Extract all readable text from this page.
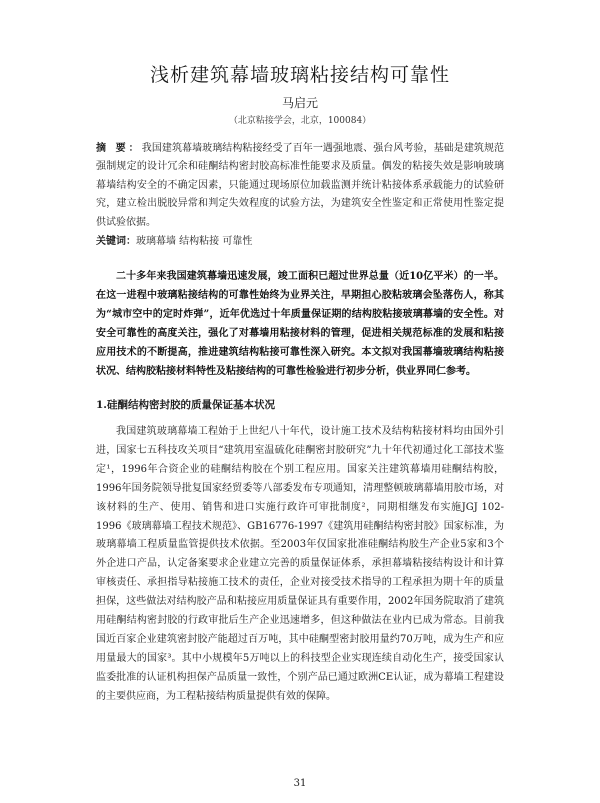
浅析建筑幕墙玻璃粘接结构可靠性
马启元
（北京粘接学会，北京，100084）
摘 要：我国建筑幕墙玻璃结构粘接经受了百年一遇强地震、强台风考验，基础是建筑规范强制规定的设计冗余和硅酮结构密封胶高标准性能要求及质量。偶发的粘接失效是影响玻璃幕墙结构安全的不确定因素，只能通过现场原位加载监测并统计粘接体系承载能力的试验研究，建立检出脱胶异常和判定失效程度的试验方法，为建筑安全性鉴定和正常使用性鉴定提供试验依据。
关键词：玻璃幕墙 结构粘接 可靠性
二十多年来我国建筑幕墙迅速发展，竣工面积已超过世界总量（近10亿平米）的一半。在这一进程中玻璃粘接结构的可靠性始终为业界关注，早期担心胶粘玻璃会坠落伤人，称其为“城市空中的定时炸弹”，近年优选过十年质量保证期的结构胶粘接玻璃幕墙的安全性。对安全可靠性的高度关注，强化了对幕墙用粘接材料的管理，促进相关规范标准的发展和粘接应用技术的不断提高，推进建筑结构粘接可靠性深入研究。本文拟对我国幕墙玻璃结构粘接状况、结构胶粘接材料特性及粘接结构的可靠性检验进行初步分析，供业界同仁参考。
1.硅酮结构密封胶的质量保证基本状况
我国建筑玻璃幕墙工程始于上世纪八十年代，设计施工技术及结构粘接材料均由国外引进，国家七五科技攻关项目“建筑用室温硫化硅酮密封胶研究”九十年代初通过化工部技术鉴定¹，1996年合资企业的硅酮结构胶在个别工程应用。国家关注建筑幕墙用硅酮结构胶，1996年国务院领导批复国家经贸委等八部委发布专项通知，清理整顿玻璃幕墙用胶市场，对该材料的生产、使用、销售和进口实施行政许可审批制度²，同期相继发布实施JGJ 102-1996《玻璃幕墙工程技术规范》、GB16776-1997《建筑用硅酮结构密封胶》国家标准，为玻璃幕墙工程质量监管提供技术依据。至2003年仅国家批准硅酮结构胶生产企业5家和3个外企进口产品，认定备案要求企业建立完善的质量保证体系，承担幕墙粘接结构设计和计算审核责任、承担指导粘接施工技术的责任，企业对接受技术指导的工程承担为期十年的质量担保，这些做法对结构胶产品和粘接应用质量保证具有重要作用，2002年国务院取消了建筑用硅酮结构密封胶的行政审批后生产企业迅速增多，但这种做法在业内已成为常态。目前我国近百家企业建筑密封胶产能超过百万吨，其中硅酮型密封胶用量约70万吨，成为生产和应用量最大的国家³。其中小规模年5万吨以上的科技型企业实现连续自动化生产，接受国家认监委批准的认证机构担保产品质量一致性，个别产品已通过欧洲CE认证，成为幕墙工程建设的主要供应商，为工程粘接结构质量提供有效的保障。
31
